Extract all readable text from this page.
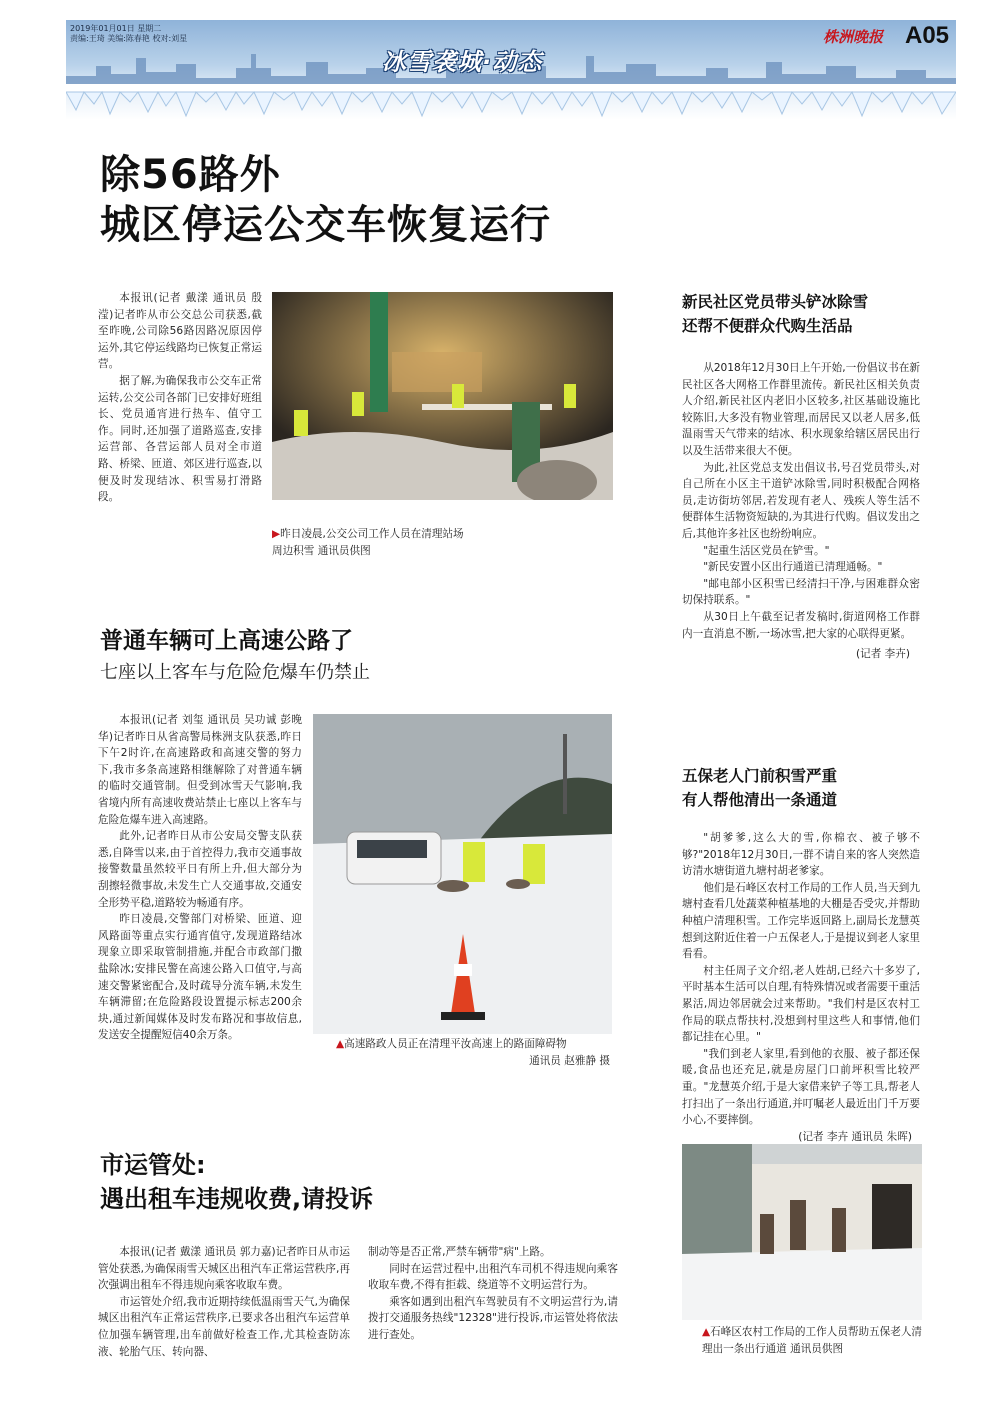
2019年01月01日 星期二
责编:王琦 美编:陈春艳 校对:刘星
冰雪袭城·动态
株洲晚报 A05
除56路外
城区停运公交车恢复运行

本报讯(记者 戴漾 通讯员 殷滢)记者昨从市公交总公司获悉,截至昨晚,公司除56路因路况原因停运外,其它停运线路均已恢复正常运营。

据了解,为确保我市公交车正常运转,公交公司各部门已安排好班组长、党员通宵进行热车、值守工作。同时,还加强了道路巡查,安排运营部、各营运部人员对全市道路、桥梁、匝道、郊区进行巡查,以便及时发现结冰、积雪易打滑路段。

▶昨日凌晨,公交公司工作人员在清理站场周边积雪 通讯员供图
普通车辆可上高速公路了
七座以上客车与危险危爆车仍禁止

本报讯(记者 刘玺 通讯员 吴功诚 彭晚华)记者昨日从省高警局株洲支队获悉,昨日下午2时许,在高速路政和高速交警的努力下,我市多条高速路相继解除了对普通车辆的临时交通管制。但受到冰雪天气影响,我省境内所有高速收费站禁止七座以上客车与危险危爆车进入高速路。

此外,记者昨日从市公安局交警支队获悉,自降雪以来,由于首控得力,我市交通事故接警数量虽然较平日有所上升,但大部分为刮擦轻微事故,未发生亡人交通事故,交通安全形势平稳,道路较为畅通有序。

昨日凌晨,交警部门对桥梁、匝道、迎风路面等重点实行通宵值守,发现道路结冰现象立即采取管制措施,并配合市政部门撒盐除冰;安排民警在高速公路入口值守,与高速交警紧密配合,及时疏导分流车辆,未发生车辆滞留;在危险路段设置提示标志200余块,通过新闻媒体及时发布路况和事故信息,发送安全提醒短信40余万条。

▲高速路政人员正在清理平汝高速上的路面障碍物
通讯员 赵雅静 摄
市运管处:
遇出租车违规收费,请投诉

本报讯(记者 戴漾 通讯员 郭力嘉)记者昨日从市运管处获悉,为确保雨雪天城区出租汽车正常运营秩序,再次强调出租车不得违规向乘客收取车费。

市运管处介绍,我市近期持续低温雨雪天气,为确保城区出租汽车正常运营秩序,已要求各出租汽车运营单位加强车辆管理,出车前做好检查工作,尤其检查防冻液、轮胎气压、转向器、

制动等是否正常,严禁车辆带"病"上路。

同时在运营过程中,出租汽车司机不得违规向乘客收取车费,不得有拒载、绕道等不文明运营行为。

乘客如遇到出租汽车驾驶员有不文明运营行为,请拨打交通服务热线"12328"进行投诉,市运管处将依法进行查处。

新民社区党员带头铲冰除雪
还帮不便群众代购生活品

从2018年12月30日上午开始,一份倡议书在新民社区各大网格工作群里流传。新民社区相关负责人介绍,新民社区内老旧小区较多,社区基础设施比较陈旧,大多没有物业管理,而居民又以老人居多,低温雨雪天气带来的结冰、积水现象给辖区居民出行以及生活带来很大不便。

为此,社区党总支发出倡议书,号召党员带头,对自己所在小区主干道铲冰除雪,同时积极配合网格员,走访街坊邻居,若发现有老人、残疾人等生活不便群体生活物资短缺的,为其进行代购。倡议发出之后,其他许多社区也纷纷响应。

"起重生活区党员在铲雪。"

"新民安置小区出行通道已清理通畅。"

"邮电部小区积雪已经清扫干净,与困难群众密切保持联系。"

从30日上午截至记者发稿时,街道网格工作群内一直消息不断,一场冰雪,把大家的心联得更紧。

(记者 李卉)
五保老人门前积雪严重
有人帮他清出一条通道

"胡爹爹,这么大的雪,你棉衣、被子够不够?"2018年12月30日,一群不请自来的客人突然造访清水塘街道九塘村胡老爹家。

他们是石峰区农村工作局的工作人员,当天到九塘村查看几处蔬菜种植基地的大棚是否受灾,并帮助种植户清理积雪。工作完毕返回路上,副局长龙慧英想到这附近住着一户五保老人,于是提议到老人家里看看。

村主任周子文介绍,老人姓胡,已经六十多岁了,平时基本生活可以自理,有特殊情况或者需要干重活累活,周边邻居就会过来帮助。"我们村是区农村工作局的联点帮扶村,没想到村里这些人和事情,他们都记挂在心里。"

"我们到老人家里,看到他的衣服、被子都还保暖,食品也还充足,就是房屋门口前坪积雪比较严重。"龙慧英介绍,于是大家借来铲子等工具,帮老人打扫出了一条出行通道,并叮嘱老人最近出门千万要小心,不要摔倒。

(记者 李卉 通讯员 朱晖)
▲石峰区农村工作局的工作人员帮助五保老人清理出一条出行通道 通讯员供图
